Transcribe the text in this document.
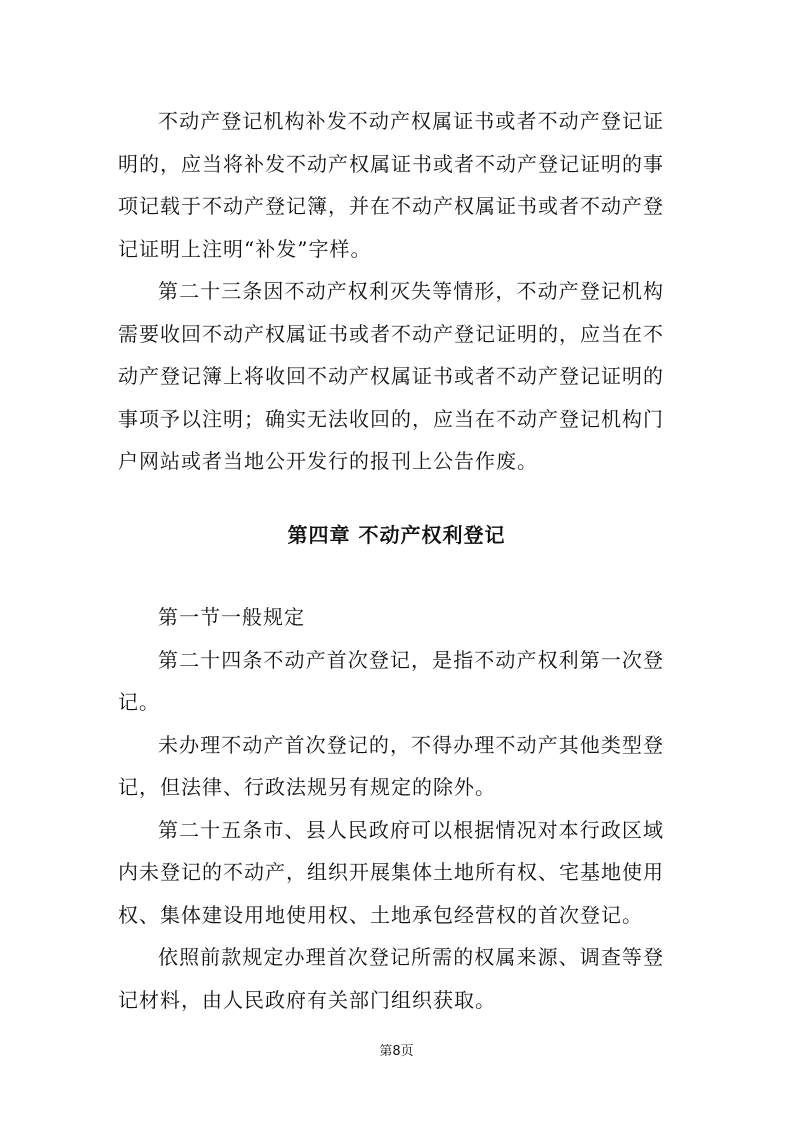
不动产登记机构补发不动产权属证书或者不动产登记证明的，应当将补发不动产权属证书或者不动产登记证明的事项记载于不动产登记簿，并在不动产权属证书或者不动产登记证明上注明“补发”字样。

第二十三条因不动产权利灭失等情形，不动产登记机构需要收回不动产权属证书或者不动产登记证明的，应当在不动产登记簿上将收回不动产权属证书或者不动产登记证明的事项予以注明；确实无法收回的，应当在不动产登记机构门户网站或者当地公开发行的报刊上公告作废。

第四章 不动产权利登记

第一节一般规定

第二十四条不动产首次登记，是指不动产权利第一次登记。

未办理不动产首次登记的，不得办理不动产其他类型登记，但法律、行政法规另有规定的除外。

第二十五条市、县人民政府可以根据情况对本行政区域内未登记的不动产，组织开展集体土地所有权、宅基地使用权、集体建设用地使用权、土地承包经营权的首次登记。

依照前款规定办理首次登记所需的权属来源、调查等登记材料，由人民政府有关部门组织获取。

第8页
